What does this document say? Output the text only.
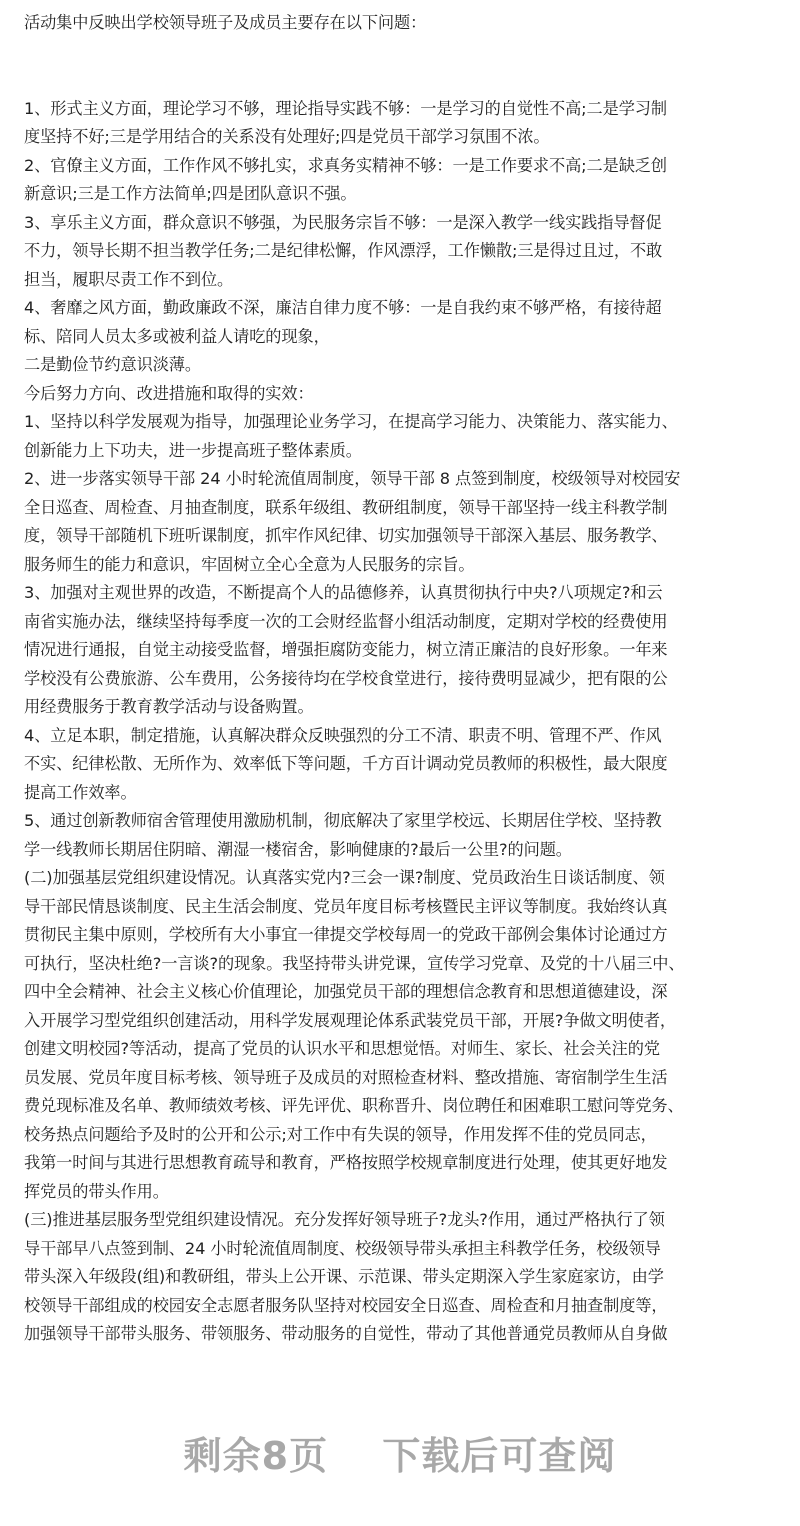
活动集中反映出学校领导班子及成员主要存在以下问题：
1、形式主义方面，理论学习不够，理论指导实践不够：一是学习的自觉性不高;二是学习制
度坚持不好;三是学用结合的关系没有处理好;四是党员干部学习氛围不浓。
2、官僚主义方面，工作作风不够扎实，求真务实精神不够：一是工作要求不高;二是缺乏创
新意识;三是工作方法简单;四是团队意识不强。
3、享乐主义方面，群众意识不够强，为民服务宗旨不够：一是深入教学一线实践指导督促
不力，领导长期不担当教学任务;二是纪律松懈，作风漂浮，工作懒散;三是得过且过，不敢
担当，履职尽责工作不到位。
4、奢靡之风方面，勤政廉政不深，廉洁自律力度不够：一是自我约束不够严格，有接待超
标、陪同人员太多或被利益人请吃的现象，
二是勤俭节约意识淡薄。
今后努力方向、改进措施和取得的实效：
1、坚持以科学发展观为指导，加强理论业务学习，在提高学习能力、决策能力、落实能力、
创新能力上下功夫，进一步提高班子整体素质。
2、进一步落实领导干部 24 小时轮流值周制度，领导干部 8 点签到制度，校级领导对校园安
全日巡查、周检查、月抽查制度，联系年级组、教研组制度，领导干部坚持一线主科教学制
度，领导干部随机下班听课制度，抓牢作风纪律、切实加强领导干部深入基层、服务教学、
服务师生的能力和意识，牢固树立全心全意为人民服务的宗旨。
3、加强对主观世界的改造，不断提高个人的品德修养，认真贯彻执行中央?八项规定?和云
南省实施办法，继续坚持每季度一次的工会财经监督小组活动制度，定期对学校的经费使用
情况进行通报，自觉主动接受监督，增强拒腐防变能力，树立清正廉洁的良好形象。一年来
学校没有公费旅游、公车费用，公务接待均在学校食堂进行，接待费明显减少，把有限的公
用经费服务于教育教学活动与设备购置。
4、立足本职，制定措施，认真解决群众反映强烈的分工不清、职责不明、管理不严、作风
不实、纪律松散、无所作为、效率低下等问题，千方百计调动党员教师的积极性，最大限度
提高工作效率。
5、通过创新教师宿舍管理使用激励机制，彻底解决了家里学校远、长期居住学校、坚持教
学一线教师长期居住阴暗、潮湿一楼宿舍，影响健康的?最后一公里?的问题。
(二)加强基层党组织建设情况。认真落实党内?三会一课?制度、党员政治生日谈话制度、领
导干部民情恳谈制度、民主生活会制度、党员年度目标考核暨民主评议等制度。我始终认真
贯彻民主集中原则，学校所有大小事宜一律提交学校每周一的党政干部例会集体讨论通过方
可执行，坚决杜绝?一言谈?的现象。我坚持带头讲党课，宣传学习党章、及党的十八届三中、
四中全会精神、社会主义核心价值理论，加强党员干部的理想信念教育和思想道德建设，深
入开展学习型党组织创建活动，用科学发展观理论体系武装党员干部，开展?争做文明使者，
创建文明校园?等活动，提高了党员的认识水平和思想觉悟。对师生、家长、社会关注的党
员发展、党员年度目标考核、领导班子及成员的对照检查材料、整改措施、寄宿制学生生活
费兑现标准及名单、教师绩效考核、评先评优、职称晋升、岗位聘任和困难职工慰问等党务、
校务热点问题给予及时的公开和公示;对工作中有失误的领导，作用发挥不佳的党员同志，
我第一时间与其进行思想教育疏导和教育，严格按照学校规章制度进行处理，使其更好地发
挥党员的带头作用。
(三)推进基层服务型党组织建设情况。充分发挥好领导班子?龙头?作用，通过严格执行了领
导干部早八点签到制、24 小时轮流值周制度、校级领导带头承担主科教学任务，校级领导
带头深入年级段(组)和教研组，带头上公开课、示范课、带头定期深入学生家庭家访，由学
校领导干部组成的校园安全志愿者服务队坚持对校园安全日巡查、周检查和月抽查制度等，
加强领导干部带头服务、带领服务、带动服务的自觉性，带动了其他普通党员教师从自身做
剩余8页 下载后可查阅
